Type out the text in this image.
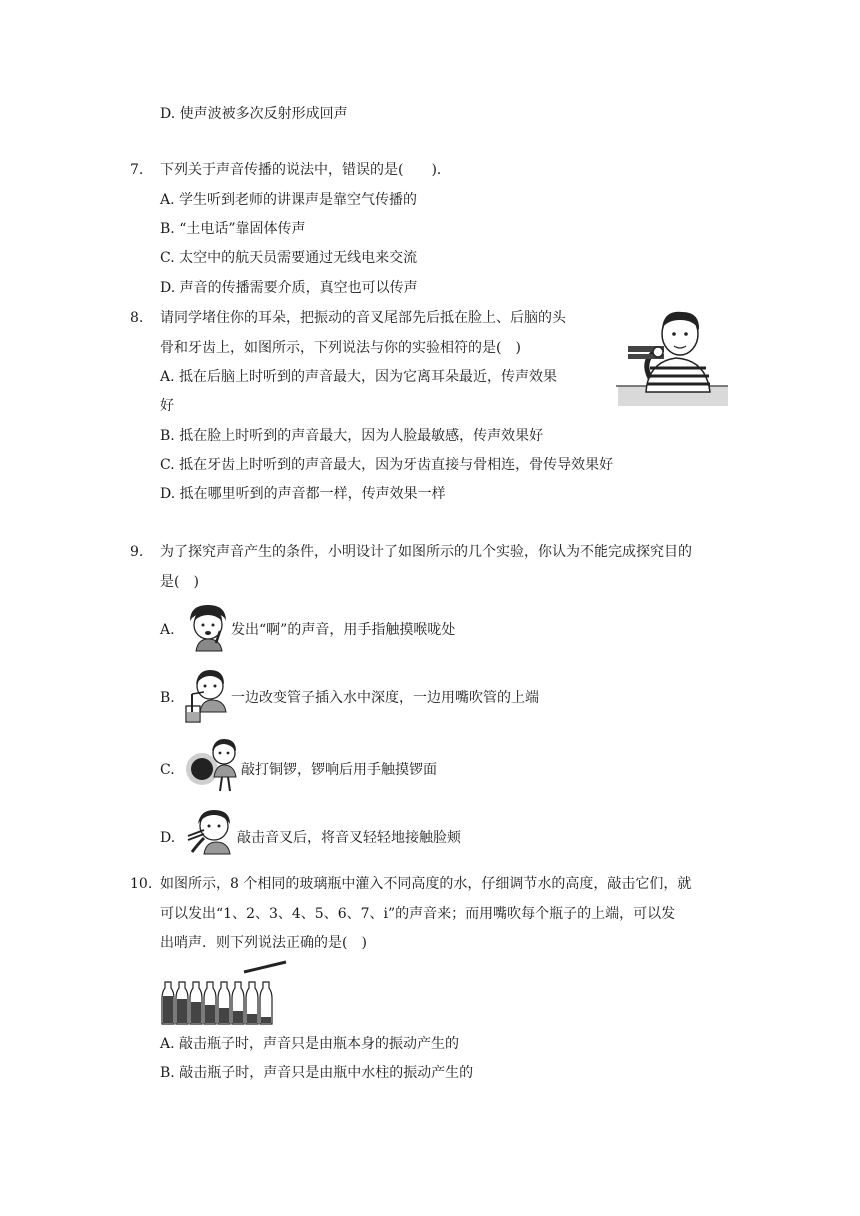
D. 使声波被多次反射形成回声
7. 下列关于声音传播的说法中，错误的是(　　)．
A. 学生听到老师的讲课声是靠空气传播的
B. “土电话”靠固体传声
C. 太空中的航天员需要通过无线电来交流
D. 声音的传播需要介质，真空也可以传声
8. 请同学堵住你的耳朵，把振动的音叉尾部先后抵在脸上、后脑的头
骨和牙齿上，如图所示，下列说法与你的实验相符的是(　)
A. 抵在后脑上时听到的声音最大，因为它离耳朵最近，传声效果
好
B. 抵在脸上时听到的声音最大，因为人脸最敏感，传声效果好
C. 抵在牙齿上时听到的声音最大，因为牙齿直接与骨相连，骨传导效果好
D. 抵在哪里听到的声音都一样，传声效果一样
9. 为了探究声音产生的条件，小明设计了如图所示的几个实验，你认为不能完成探究目的
是(　)
A.	发出“啊”的声音，用手指触摸喉咙处
B.	一边改变管子插入水中深度，一边用嘴吹管的上端
C.	敲打铜锣，锣响后用手触摸锣面
D.	敲击音叉后，将音叉轻轻地接触脸颊
10. 如图所示，8 个相同的玻璃瓶中灌入不同高度的水，仔细调节水的高度，敲击它们，就
可以发出“1、2、3、4、5、6、7、i”的声音来；而用嘴吹每个瓶子的上端，可以发
出哨声．则下列说法正确的是(　)
A. 敲击瓶子时，声音只是由瓶本身的振动产生的
B. 敲击瓶子时，声音只是由瓶中水柱的振动产生的
